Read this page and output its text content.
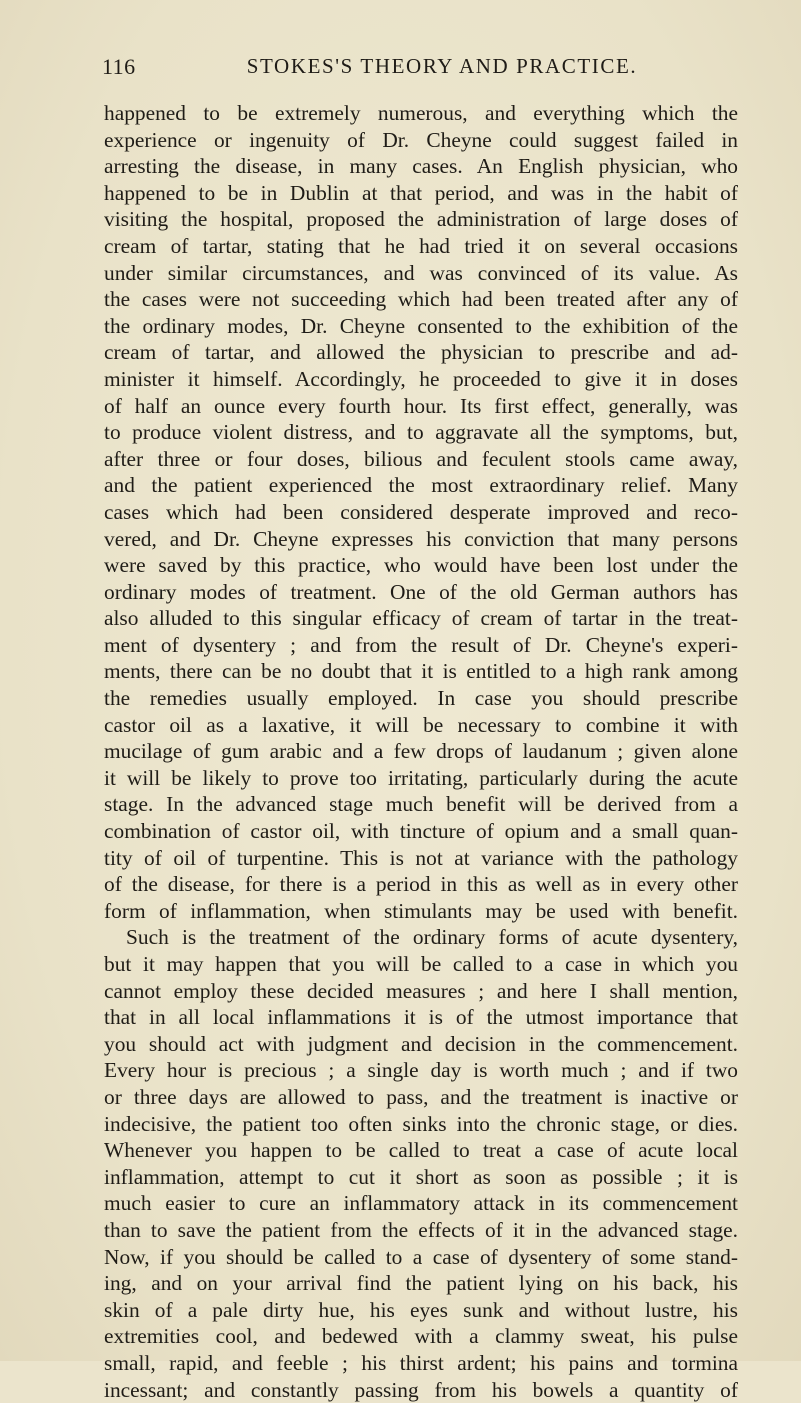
116	STOKES'S THEORY AND PRACTICE.
happened to be extremely numerous, and everything which the
experience or ingenuity of Dr. Cheyne could suggest failed in
arresting the disease, in many cases. An English physician, who
happened to be in Dublin at that period, and was in the habit of
visiting the hospital, proposed the administration of large doses of
cream of tartar, stating that he had tried it on several occasions
under similar circumstances, and was convinced of its value. As
the cases were not succeeding which had been treated after any of
the ordinary modes, Dr. Cheyne consented to the exhibition of the
cream of tartar, and allowed the physician to prescribe and ad-
minister it himself. Accordingly, he proceeded to give it in doses
of half an ounce every fourth hour. Its first effect, generally, was
to produce violent distress, and to aggravate all the symptoms, but,
after three or four doses, bilious and feculent stools came away,
and the patient experienced the most extraordinary relief. Many
cases which had been considered desperate improved and reco-
vered, and Dr. Cheyne expresses his conviction that many persons
were saved by this practice, who would have been lost under the
ordinary modes of treatment. One of the old German authors has
also alluded to this singular efficacy of cream of tartar in the treat-
ment of dysentery ; and from the result of Dr. Cheyne's experi-
ments, there can be no doubt that it is entitled to a high rank among
the remedies usually employed. In case you should prescribe
castor oil as a laxative, it will be necessary to combine it with
mucilage of gum arabic and a few drops of laudanum ; given alone
it will be likely to prove too irritating, particularly during the acute
stage. In the advanced stage much benefit will be derived from a
combination of castor oil, with tincture of opium and a small quan-
tity of oil of turpentine. This is not at variance with the pathology
of the disease, for there is a period in this as well as in every other
form of inflammation, when stimulants may be used with benefit.
Such is the treatment of the ordinary forms of acute dysentery,
but it may happen that you will be called to a case in which you
cannot employ these decided measures ; and here I shall mention,
that in all local inflammations it is of the utmost importance that
you should act with judgment and decision in the commencement.
Every hour is precious ; a single day is worth much ; and if two
or three days are allowed to pass, and the treatment is inactive or
indecisive, the patient too often sinks into the chronic stage, or dies.
Whenever you happen to be called to treat a case of acute local
inflammation, attempt to cut it short as soon as possible ; it is
much easier to cure an inflammatory attack in its commencement
than to save the patient from the effects of it in the advanced stage.
Now, if you should be called to a case of dysentery of some stand-
ing, and on your arrival find the patient lying on his back, his
skin of a pale dirty hue, his eyes sunk and without lustre, his
extremities cool, and bedewed with a clammy sweat, his pulse
small, rapid, and feeble ; his thirst ardent; his pains and tormina
incessant; and constantly passing from his bowels a quantity of
